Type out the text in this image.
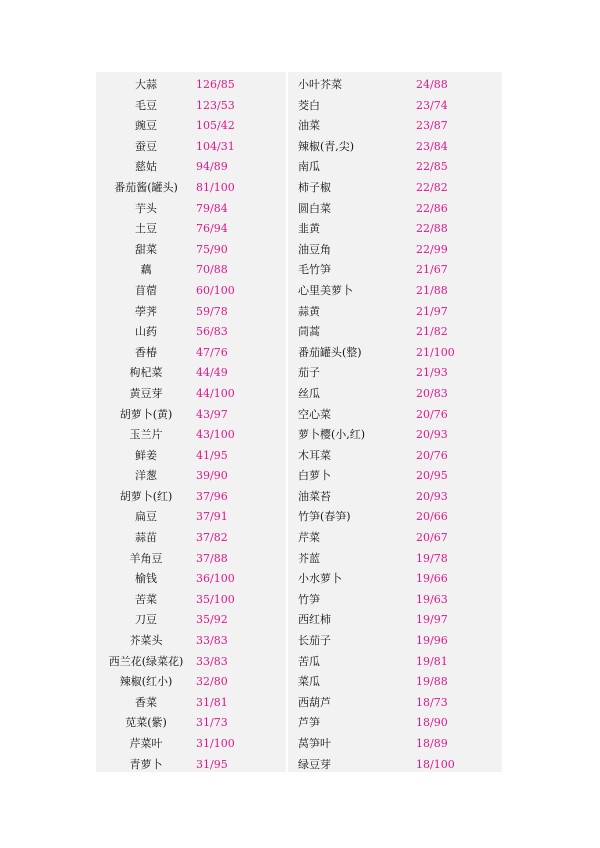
大蒜	126/85	小叶芥菜	24/88
毛豆	123/53	茭白	23/74
豌豆	105/42	油菜	23/87
蚕豆	104/31	辣椒(青,尖)	23/84
慈姑	94/89	南瓜	22/85
番茄酱(罐头)	81/100	柿子椒	22/82
芋头	79/84	圆白菜	22/86
土豆	76/94	韭黄	22/88
甜菜	75/90	油豆角	22/99
藕	70/88	毛竹笋	21/67
苜蓿	60/100	心里美萝卜	21/88
荸荠	59/78	蒜黄	21/97
山药	56/83	茼蒿	21/82
香椿	47/76	番茄罐头(整)	21/100
枸杞菜	44/49	茄子	21/93
黄豆芽	44/100	丝瓜	20/83
胡萝卜(黄)	43/97	空心菜	20/76
玉兰片	43/100	萝卜樱(小,红)	20/93
鲜姜	41/95	木耳菜	20/76
洋葱	39/90	白萝卜	20/95
胡萝卜(红)	37/96	油菜苔	20/93
扁豆	37/91	竹笋(春笋)	20/66
蒜苗	37/82	芹菜	20/67
羊角豆	37/88	芥蓝	19/78
榆钱	36/100	小水萝卜	19/66
苦菜	35/100	竹笋	19/63
刀豆	35/92	西红柿	19/97
芥菜头	33/83	长茄子	19/96
西兰花(绿菜花)	33/83	苦瓜	19/81
辣椒(红小)	32/80	菜瓜	19/88
香菜	31/81	西葫芦	18/73
苋菜(紫)	31/73	芦笋	18/90
芹菜叶	31/100	莴笋叶	18/89
青萝卜	31/95	绿豆芽	18/100
